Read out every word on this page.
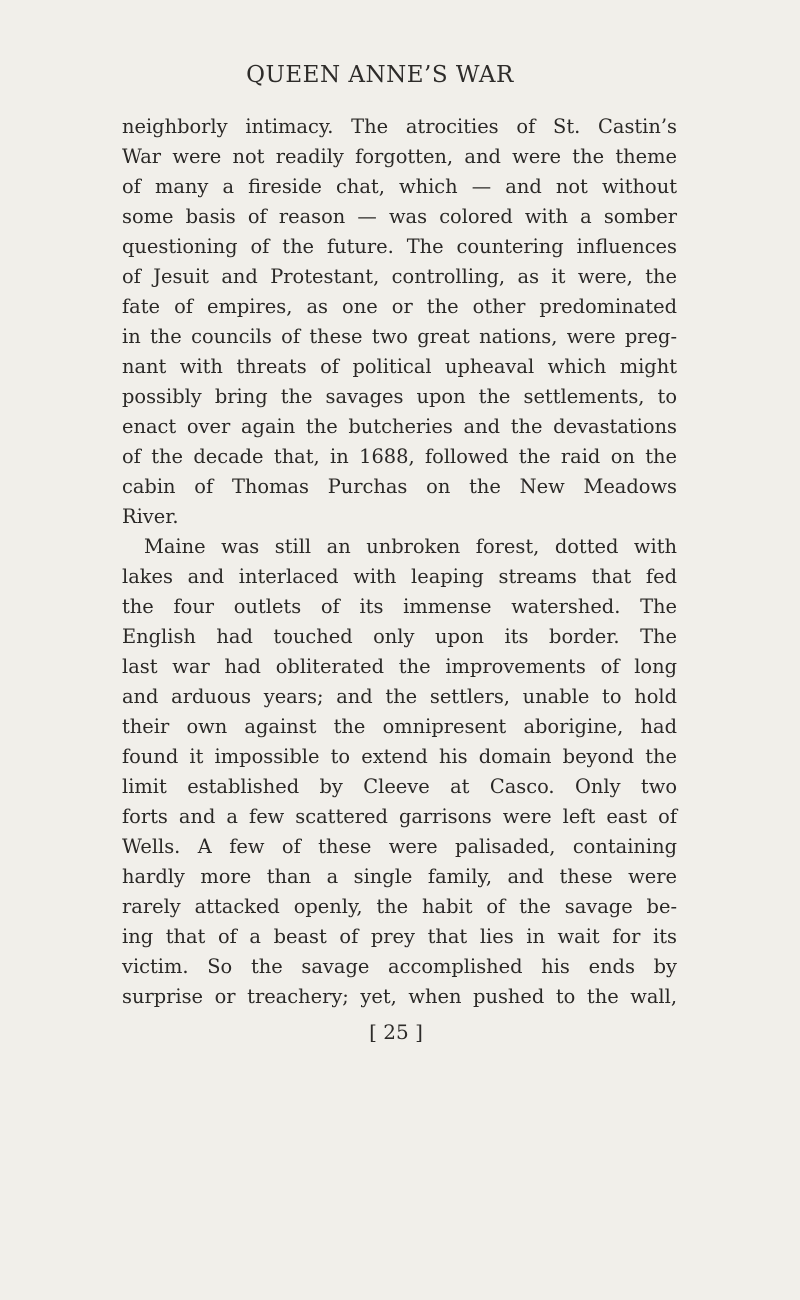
QUEEN ANNE’S WAR
neighborly intimacy. The atrocities of St. Castin’s
War were not readily forgotten, and were the theme
of many a fireside chat, which — and not without
some basis of reason — was colored with a somber
questioning of the future. The countering influences
of Jesuit and Protestant, controlling, as it were, the
fate of empires, as one or the other predominated
in the councils of these two great nations, were preg-
nant with threats of political upheaval which might
possibly bring the savages upon the settlements, to
enact over again the butcheries and the devastations
of the decade that, in 1688, followed the raid on the
cabin of Thomas Purchas on the New Meadows
River.
Maine was still an unbroken forest, dotted with
lakes and interlaced with leaping streams that fed
the four outlets of its immense watershed. The
English had touched only upon its border. The
last war had obliterated the improvements of long
and arduous years; and the settlers, unable to hold
their own against the omnipresent aborigine, had
found it impossible to extend his domain beyond the
limit established by Cleeve at Casco. Only two
forts and a few scattered garrisons were left east of
Wells. A few of these were palisaded, containing
hardly more than a single family, and these were
rarely attacked openly, the habit of the savage be-
ing that of a beast of prey that lies in wait for its
victim. So the savage accomplished his ends by
surprise or treachery; yet, when pushed to the wall,
[ 25 ]
